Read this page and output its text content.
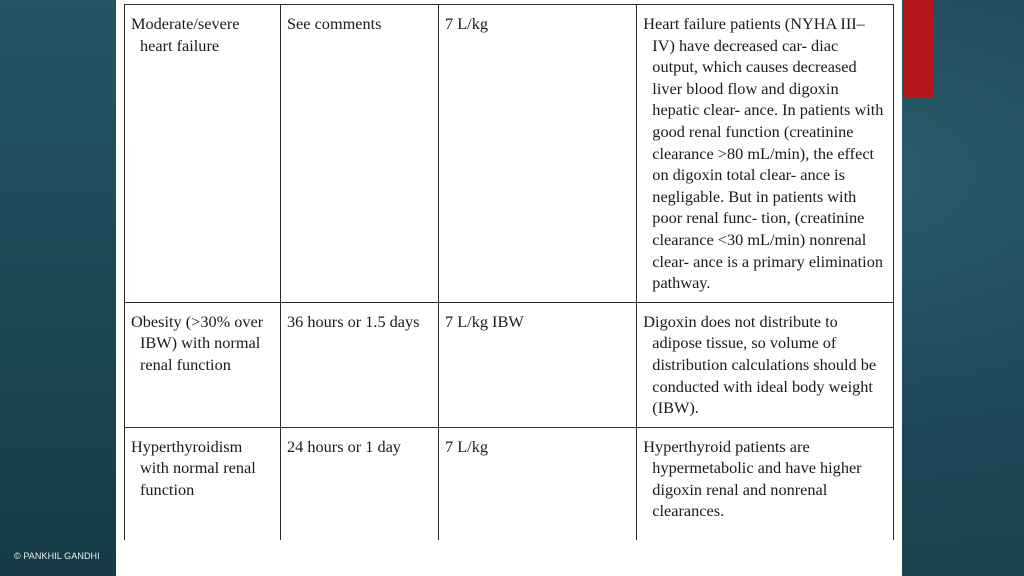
Moderate/severe heart failure	See comments	7 L/kg	Heart failure patients (NYHA III–IV) have decreased car- diac output, which causes decreased liver blood flow and digoxin hepatic clear- ance. In patients with good renal function (creatinine clearance >80 mL/min), the effect on digoxin total clear- ance is negligable. But in patients with poor renal func- tion, (creatinine clearance <30 mL/min) nonrenal clear- ance is a primary elimination pathway.

Obesity (>30% over IBW) with normal renal function	36 hours or 1.5 days	7 L/kg IBW	Digoxin does not distribute to adipose tissue, so volume of distribution calculations should be conducted with ideal body weight (IBW).

Hyperthyroidism with normal renal function	24 hours or 1 day	7 L/kg	Hyperthyroid patients are hypermetabolic and have higher digoxin renal and nonrenal clearances.
© PANKHIL GANDHI
